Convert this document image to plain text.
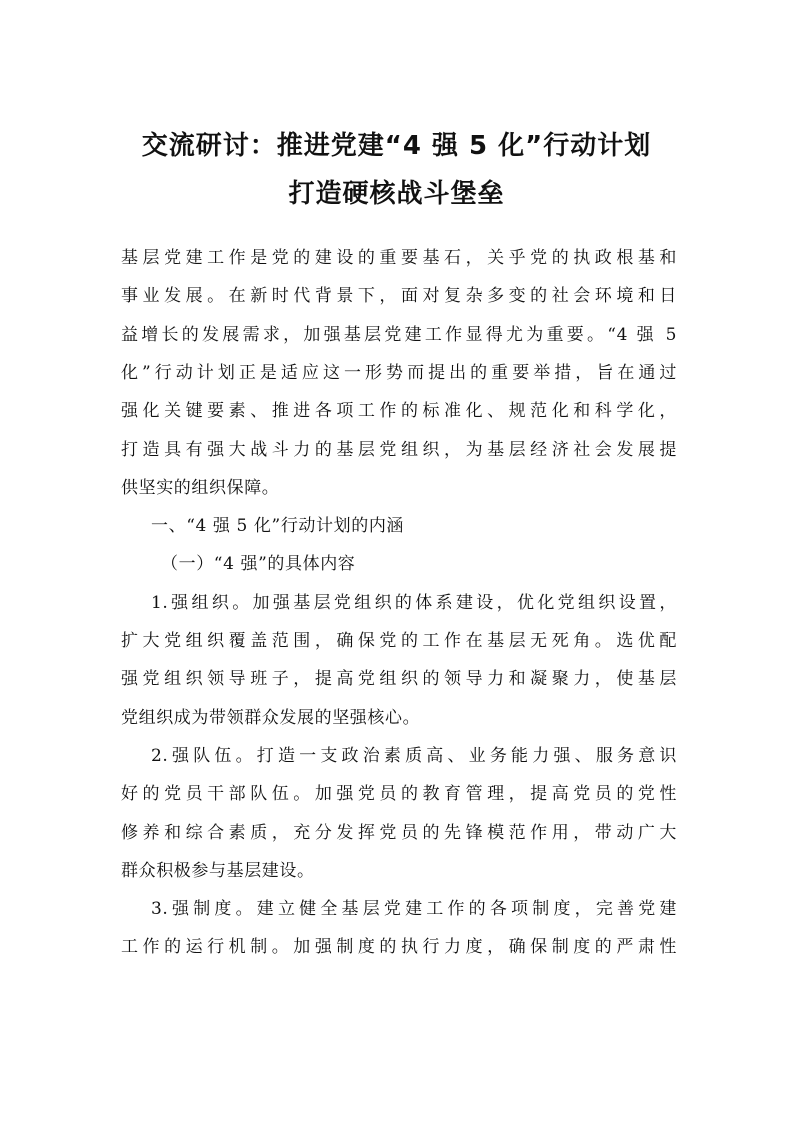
交流研讨：推进党建“4 强 5 化”行动计划
打造硬核战斗堡垒
基层党建工作是党的建设的重要基石，关乎党的执政根基和
事业发展。在新时代背景下，面对复杂多变的社会环境和日
益增长的发展需求，加强基层党建工作显得尤为重要。“4 强 5
化”行动计划正是适应这一形势而提出的重要举措，旨在通过
强化关键要素、推进各项工作的标准化、规范化和科学化，
打造具有强大战斗力的基层党组织，为基层经济社会发展提
供坚实的组织保障。
一、“4 强 5 化”行动计划的内涵
（一）“4 强”的具体内容
1.强组织。加强基层党组织的体系建设，优化党组织设置，
扩大党组织覆盖范围，确保党的工作在基层无死角。选优配
强党组织领导班子，提高党组织的领导力和凝聚力，使基层
党组织成为带领群众发展的坚强核心。
2.强队伍。打造一支政治素质高、业务能力强、服务意识
好的党员干部队伍。加强党员的教育管理，提高党员的党性
修养和综合素质，充分发挥党员的先锋模范作用，带动广大
群众积极参与基层建设。
3.强制度。建立健全基层党建工作的各项制度，完善党建
工作的运行机制。加强制度的执行力度，确保制度的严肃性
